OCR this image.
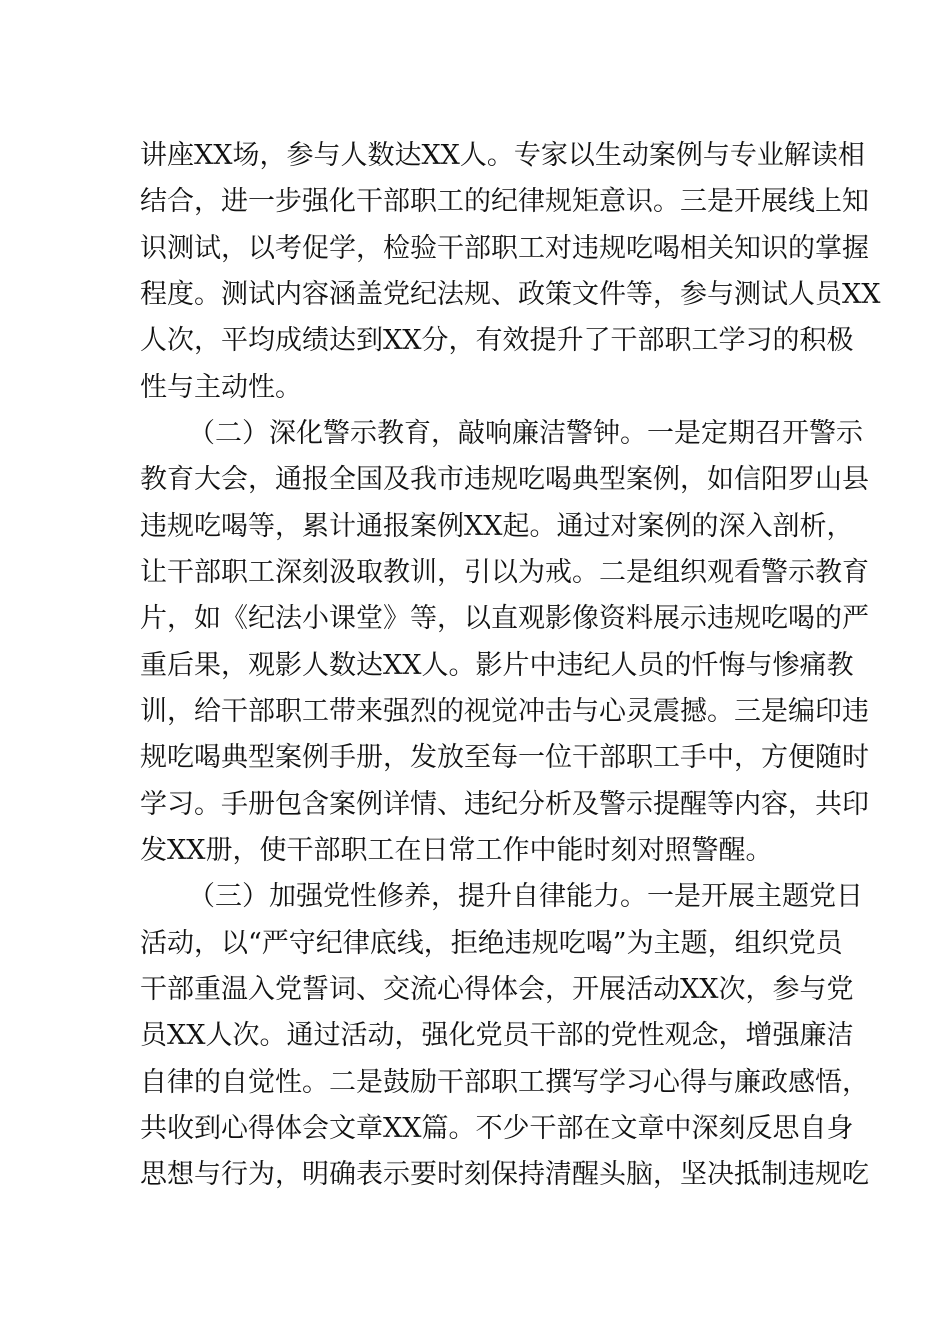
讲座XX场，参与人数达XX人。专家以生动案例与专业解读相

结合，进一步强化干部职工的纪律规矩意识。三是开展线上知

识测试，以考促学，检验干部职工对违规吃喝相关知识的掌握

程度。测试内容涵盖党纪法规、政策文件等，参与测试人员XX

人次，平均成绩达到XX分，有效提升了干部职工学习的积极

性与主动性。

（二）深化警示教育，敲响廉洁警钟。一是定期召开警示

教育大会，通报全国及我市违规吃喝典型案例，如信阳罗山县

违规吃喝等，累计通报案例XX起。通过对案例的深入剖析，

让干部职工深刻汲取教训，引以为戒。二是组织观看警示教育

片，如《纪法小课堂》等，以直观影像资料展示违规吃喝的严

重后果，观影人数达XX人。影片中违纪人员的忏悔与惨痛教

训，给干部职工带来强烈的视觉冲击与心灵震撼。三是编印违

规吃喝典型案例手册，发放至每一位干部职工手中，方便随时

学习。手册包含案例详情、违纪分析及警示提醒等内容，共印

发XX册，使干部职工在日常工作中能时刻对照警醒。

（三）加强党性修养，提升自律能力。一是开展主题党日

活动，以“严守纪律底线，拒绝违规吃喝”为主题，组织党员

干部重温入党誓词、交流心得体会，开展活动XX次，参与党

员XX人次。通过活动，强化党员干部的党性观念，增强廉洁

自律的自觉性。二是鼓励干部职工撰写学习心得与廉政感悟，

共收到心得体会文章XX篇。不少干部在文章中深刻反思自身

思想与行为，明确表示要时刻保持清醒头脑，坚决抵制违规吃
